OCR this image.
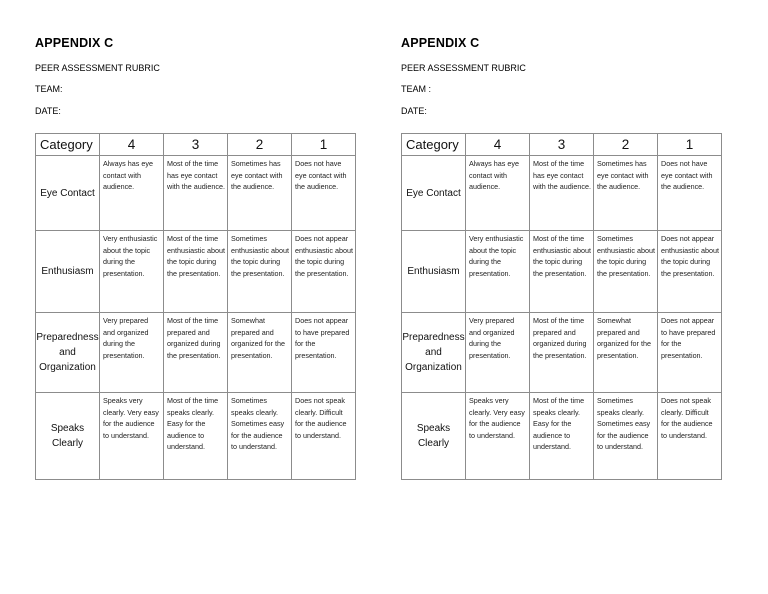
APPENDIX C
PEER ASSESSMENT RUBRIC
TEAM:
DATE:
Category	4	3	2	1
Eye Contact	Always has eye contact with audience.	Most of the time has eye contact with the audience.	Sometimes has eye contact with the audience.	Does not have eye contact with the audience.
Enthusiasm	Very enthusiastic about the topic during the presentation.	Most of the time enthusiastic about the topic during the presentation.	Sometimes enthusiastic about the topic during the presentation.	Does not appear enthusiastic about the topic during the presentation.
Preparedness and Organization	Very prepared and organized during the presentation.	Most of the time prepared and organized during the presentation.	Somewhat prepared and organized for the presentation.	Does not appear to have prepared for the presentation.
Speaks Clearly	Speaks very clearly. Very easy for the audience to understand.	Most of the time speaks clearly. Easy for the audience to understand.	Sometimes speaks clearly. Sometimes easy for the audience to understand.	Does not speak clearly. Difficult for the audience to understand.
APPENDIX C
PEER ASSESSMENT RUBRIC
TEAM :
DATE:
Category	4	3	2	1
Eye Contact	Always has eye contact with audience.	Most of the time has eye contact with the audience.	Sometimes has eye contact with the audience.	Does not have eye contact with the audience.
Enthusiasm	Very enthusiastic about the topic during the presentation.	Most of the time enthusiastic about the topic during the presentation.	Sometimes enthusiastic about the topic during the presentation.	Does not appear enthusiastic about the topic during the presentation.
Preparedness and Organization	Very prepared and organized during the presentation.	Most of the time prepared and organized during the presentation.	Somewhat prepared and organized for the presentation.	Does not appear to have prepared for the presentation.
Speaks Clearly	Speaks very clearly. Very easy for the audience to understand.	Most of the time speaks clearly. Easy for the audience to understand.	Sometimes speaks clearly. Sometimes easy for the audience to understand.	Does not speak clearly. Difficult for the audience to understand.
